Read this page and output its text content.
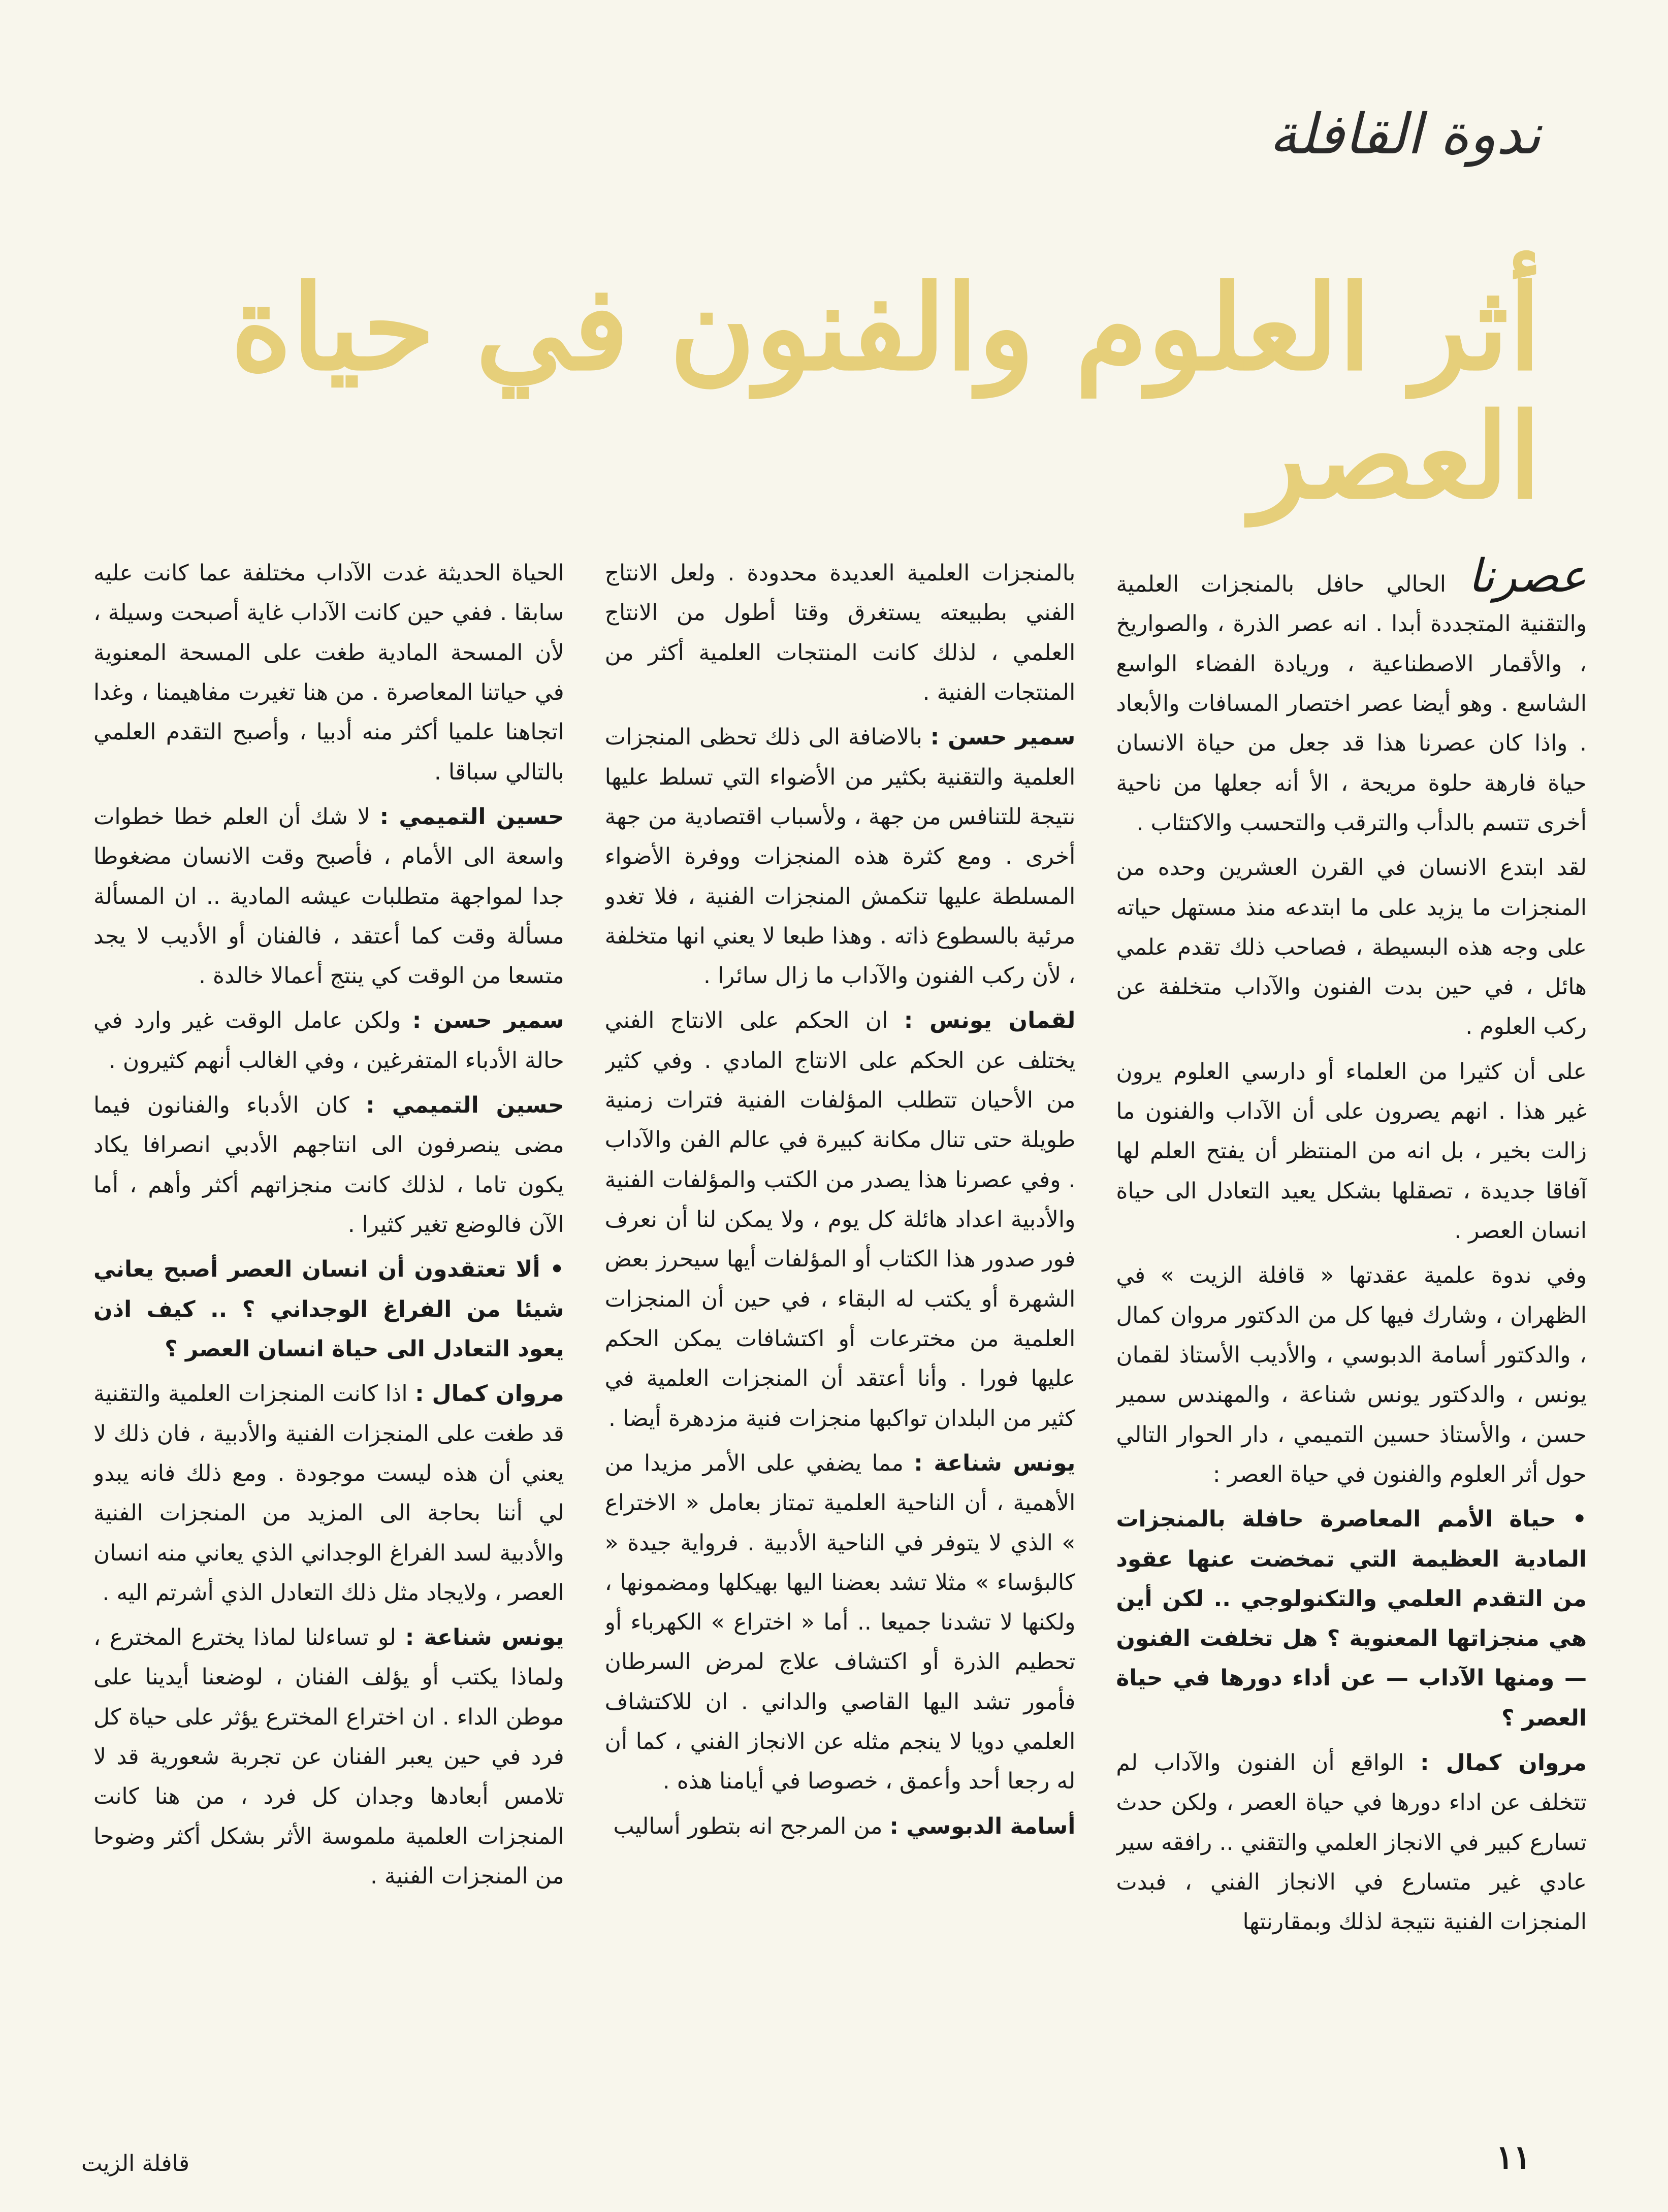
ندوة القافلة
أثر العلوم والفنون في حياة العصر

عصرنا الحالي حافل بالمنجزات العلمية والتقنية المتجددة أبدا . انه عصر الذرة ، والصواريخ ، والأقمار الاصطناعية ، وريادة الفضاء الواسع الشاسع . وهو أيضا عصر اختصار المسافات والأبعاد . واذا كان عصرنا هذا قد جعل من حياة الانسان حياة فارهة حلوة مريحة ، الأ أنه جعلها من ناحية أخرى تتسم بالدأب والترقب والتحسب والاكتئاب .

لقد ابتدع الانسان في القرن العشرين وحده من المنجزات ما يزيد على ما ابتدعه منذ مستهل حياته على وجه هذه البسيطة ، فصاحب ذلك تقدم علمي هائل ، في حين بدت الفنون والآداب متخلفة عن ركب العلوم .

على أن كثيرا من العلماء أو دارسي العلوم يرون غير هذا . انهم يصرون على أن الآداب والفنون ما زالت بخير ، بل انه من المنتظر أن يفتح العلم لها آفاقا جديدة ، تصقلها بشكل يعيد التعادل الى حياة انسان العصر .

وفي ندوة علمية عقدتها « قافلة الزيت » في الظهران ، وشارك فيها كل من الدكتور مروان كمال ، والدكتور أسامة الدبوسي ، والأديب الأستاذ لقمان يونس ، والدكتور يونس شناعة ، والمهندس سمير حسن ، والأستاذ حسين التميمي ، دار الحوار التالي حول أثر العلوم والفنون في حياة العصر :

• حياة الأمم المعاصرة حافلة بالمنجزات المادية العظيمة التي تمخضت عنها عقود من التقدم العلمي والتكنولوجي .. لكن أين هي منجزاتها المعنوية ؟ هل تخلفت الفنون — ومنها الآداب — عن أداء دورها في حياة العصر ؟

مروان كمال : الواقع أن الفنون والآداب لم تتخلف عن اداء دورها في حياة العصر ، ولكن حدث تسارع كبير في الانجاز العلمي والتقني .. رافقه سير عادي غير متسارع في الانجاز الفني ، فبدت المنجزات الفنية نتيجة لذلك وبمقارنتها

بالمنجزات العلمية العديدة محدودة . ولعل الانتاج الفني بطبيعته يستغرق وقتا أطول من الانتاج العلمي ، لذلك كانت المنتجات العلمية أكثر من المنتجات الفنية .

سمير حسن : بالاضافة الى ذلك تحظى المنجزات العلمية والتقنية بكثير من الأضواء التي تسلط عليها نتيجة للتنافس من جهة ، ولأسباب اقتصادية من جهة أخرى . ومع كثرة هذه المنجزات ووفرة الأضواء المسلطة عليها تنكمش المنجزات الفنية ، فلا تغدو مرئية بالسطوع ذاته . وهذا طبعا لا يعني انها متخلفة ، لأن ركب الفنون والآداب ما زال سائرا .

لقمان يونس : ان الحكم على الانتاج الفني يختلف عن الحكم على الانتاج المادي . وفي كثير من الأحيان تتطلب المؤلفات الفنية فترات زمنية طويلة حتى تنال مكانة كبيرة في عالم الفن والآداب . وفي عصرنا هذا يصدر من الكتب والمؤلفات الفنية والأدبية اعداد هائلة كل يوم ، ولا يمكن لنا أن نعرف فور صدور هذا الكتاب أو المؤلفات أيها سيحرز بعض الشهرة أو يكتب له البقاء ، في حين أن المنجزات العلمية من مخترعات أو اكتشافات يمكن الحكم عليها فورا . وأنا أعتقد أن المنجزات العلمية في كثير من البلدان تواكبها منجزات فنية مزدهرة أيضا .

يونس شناعة : مما يضفي على الأمر مزيدا من الأهمية ، أن الناحية العلمية تمتاز بعامل « الاختراع » الذي لا يتوفر في الناحية الأدبية . فرواية جيدة « كالبؤساء » مثلا تشد بعضنا اليها بهيكلها ومضمونها ، ولكنها لا تشدنا جميعا .. أما « اختراع » الكهرباء أو تحطيم الذرة أو اكتشاف علاج لمرض السرطان فأمور تشد اليها القاصي والداني . ان للاكتشاف العلمي دويا لا ينجم مثله عن الانجاز الفني ، كما أن له رجعا أحد وأعمق ، خصوصا في أيامنا هذه .

أسامة الدبوسي : من المرجح انه بتطور أساليب

الحياة الحديثة غدت الآداب مختلفة عما كانت عليه سابقا . ففي حين كانت الآداب غاية أصبحت وسيلة ، لأن المسحة المادية طغت على المسحة المعنوية في حياتنا المعاصرة . من هنا تغيرت مفاهيمنا ، وغدا اتجاهنا علميا أكثر منه أدبيا ، وأصبح التقدم العلمي بالتالي سباقا .

حسين التميمي : لا شك أن العلم خطا خطوات واسعة الى الأمام ، فأصبح وقت الانسان مضغوطا جدا لمواجهة متطلبات عيشه المادية .. ان المسألة مسألة وقت كما أعتقد ، فالفنان أو الأديب لا يجد متسعا من الوقت كي ينتج أعمالا خالدة .

سمير حسن : ولكن عامل الوقت غير وارد في حالة الأدباء المتفرغين ، وفي الغالب أنهم كثيرون .

حسين التميمي : كان الأدباء والفنانون فيما مضى ينصرفون الى انتاجهم الأدبي انصرافا يكاد يكون تاما ، لذلك كانت منجزاتهم أكثر وأهم ، أما الآن فالوضع تغير كثيرا .

• ألا تعتقدون أن انسان العصر أصبح يعاني شيئا من الفراغ الوجداني ؟ .. كيف اذن يعود التعادل الى حياة انسان العصر ؟

مروان كمال : اذا كانت المنجزات العلمية والتقنية قد طغت على المنجزات الفنية والأدبية ، فان ذلك لا يعني أن هذه ليست موجودة . ومع ذلك فانه يبدو لي أننا بحاجة الى المزيد من المنجزات الفنية والأدبية لسد الفراغ الوجداني الذي يعاني منه انسان العصر ، ولايجاد مثل ذلك التعادل الذي أشرتم اليه .

يونس شناعة : لو تساءلنا لماذا يخترع المخترع ، ولماذا يكتب أو يؤلف الفنان ، لوضعنا أيدينا على موطن الداء . ان اختراع المخترع يؤثر على حياة كل فرد في حين يعبر الفنان عن تجربة شعورية قد لا تلامس أبعادها وجدان كل فرد ، من هنا كانت المنجزات العلمية ملموسة الأثر بشكل أكثر وضوحا من المنجزات الفنية .

١١
قافلة الزيت
